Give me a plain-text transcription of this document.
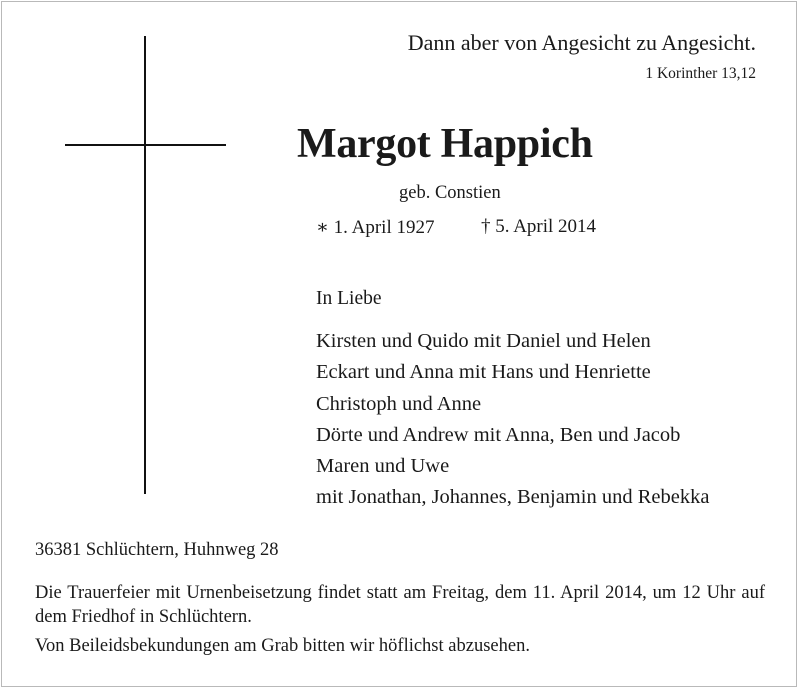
Dann aber von Angesicht zu Angesicht.
1 Korinther 13,12
Margot Happich
geb. Constien
∗ 1. April 1927 † 5. April 2014
In Liebe
Kirsten und Quido mit Daniel und Helen
Eckart und Anna mit Hans und Henriette
Christoph und Anne
Dörte und Andrew mit Anna, Ben und Jacob
Maren und Uwe
mit Jonathan, Johannes, Benjamin und Rebekka
36381 Schlüchtern, Huhnweg 28
Die Trauerfeier mit Urnenbeisetzung findet statt am Freitag, dem 11. April 2014, um 12 Uhr auf dem Friedhof in Schlüchtern.
Von Beileidsbekundungen am Grab bitten wir höflichst abzusehen.
